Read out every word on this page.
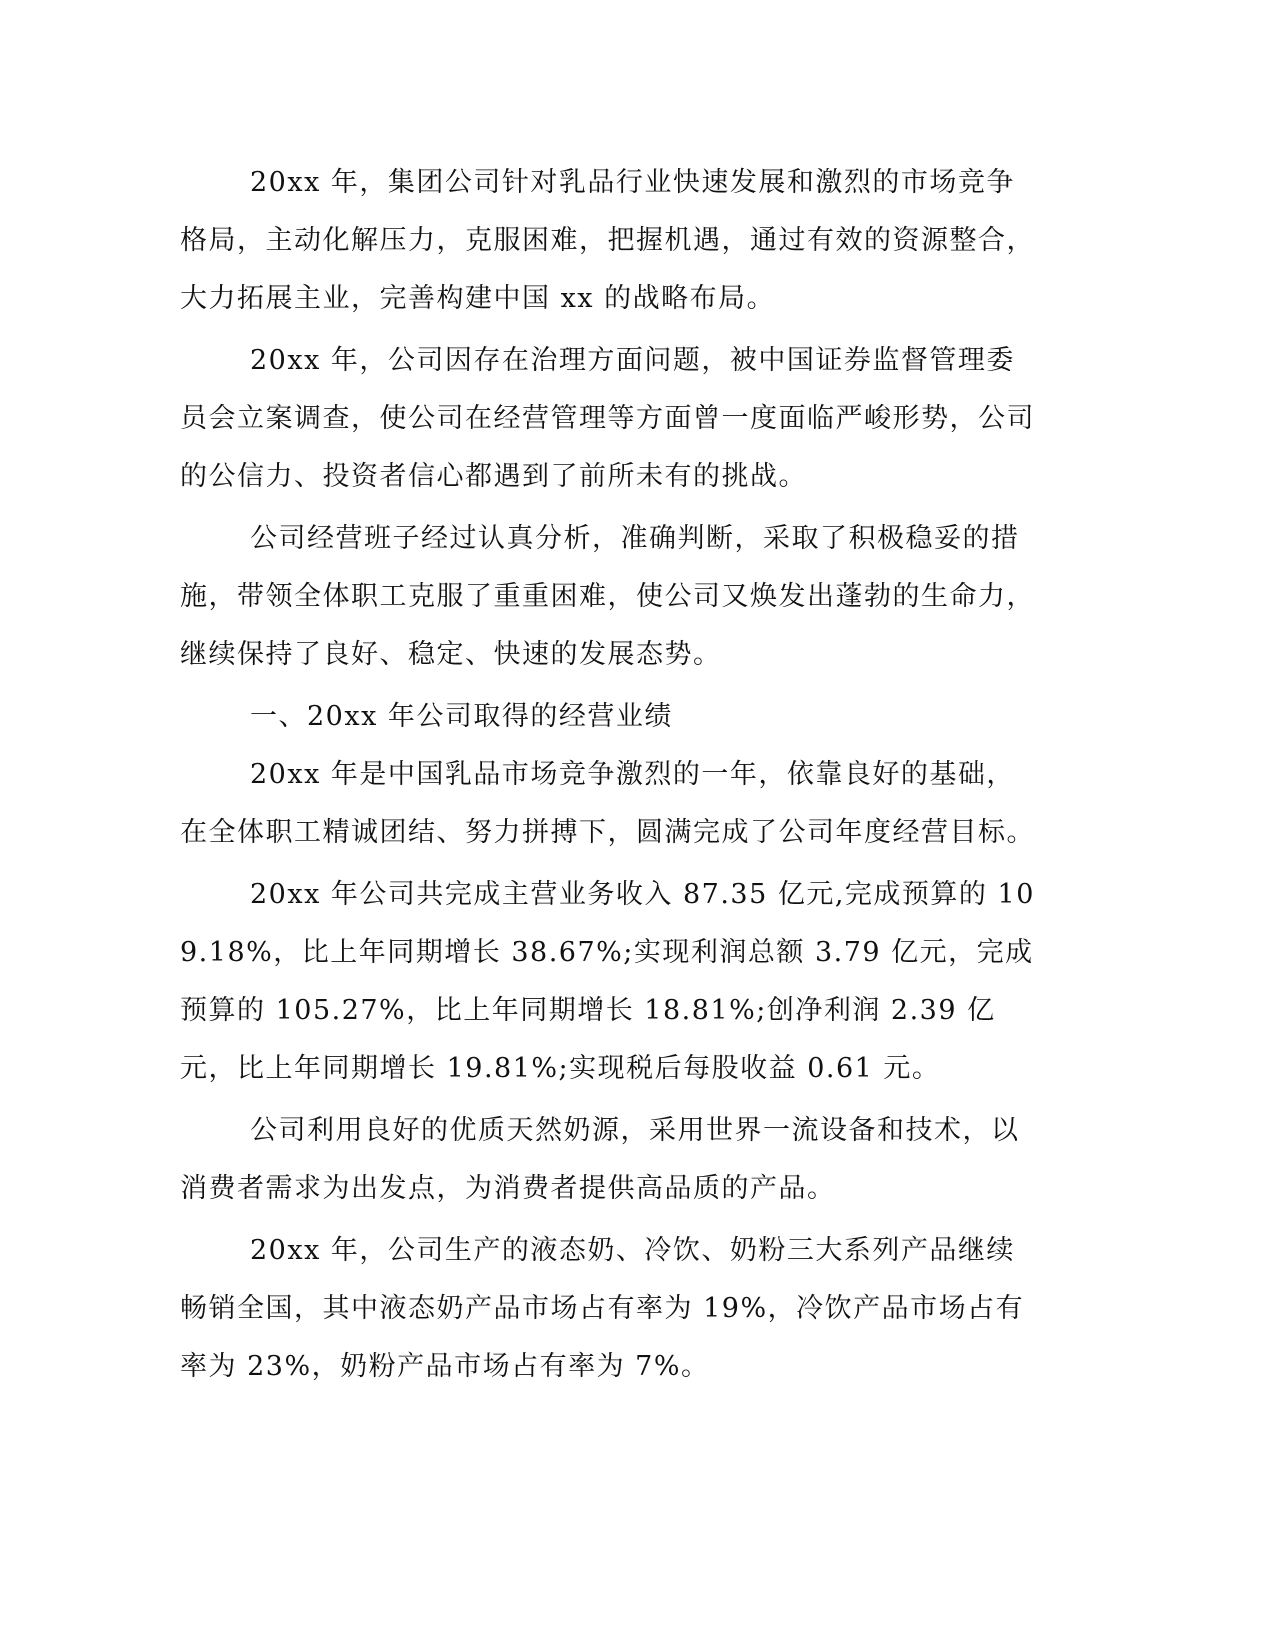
20xx 年，集团公司针对乳品行业快速发展和激烈的市场竞争格局，主动化解压力，克服困难，把握机遇，通过有效的资源整合，大力拓展主业，完善构建中国 xx 的战略布局。

20xx 年，公司因存在治理方面问题，被中国证券监督管理委员会立案调查，使公司在经营管理等方面曾一度面临严峻形势，公司的公信力、投资者信心都遇到了前所未有的挑战。

公司经营班子经过认真分析，准确判断，采取了积极稳妥的措施，带领全体职工克服了重重困难，使公司又焕发出蓬勃的生命力，继续保持了良好、稳定、快速的发展态势。

一、20xx 年公司取得的经营业绩

20xx 年是中国乳品市场竞争激烈的一年，依靠良好的基础，在全体职工精诚团结、努力拼搏下，圆满完成了公司年度经营目标。

20xx 年公司共完成主营业务收入 87.35 亿元,完成预算的 109.18%，比上年同期增长 38.67%;实现利润总额 3.79 亿元，完成预算的 105.27%，比上年同期增长 18.81%;创净利润 2.39 亿元，比上年同期增长 19.81%;实现税后每股收益 0.61 元。

公司利用良好的优质天然奶源，采用世界一流设备和技术，以消费者需求为出发点，为消费者提供高品质的产品。

20xx 年，公司生产的液态奶、冷饮、奶粉三大系列产品继续畅销全国，其中液态奶产品市场占有率为 19%，冷饮产品市场占有率为 23%，奶粉产品市场占有率为 7%。
